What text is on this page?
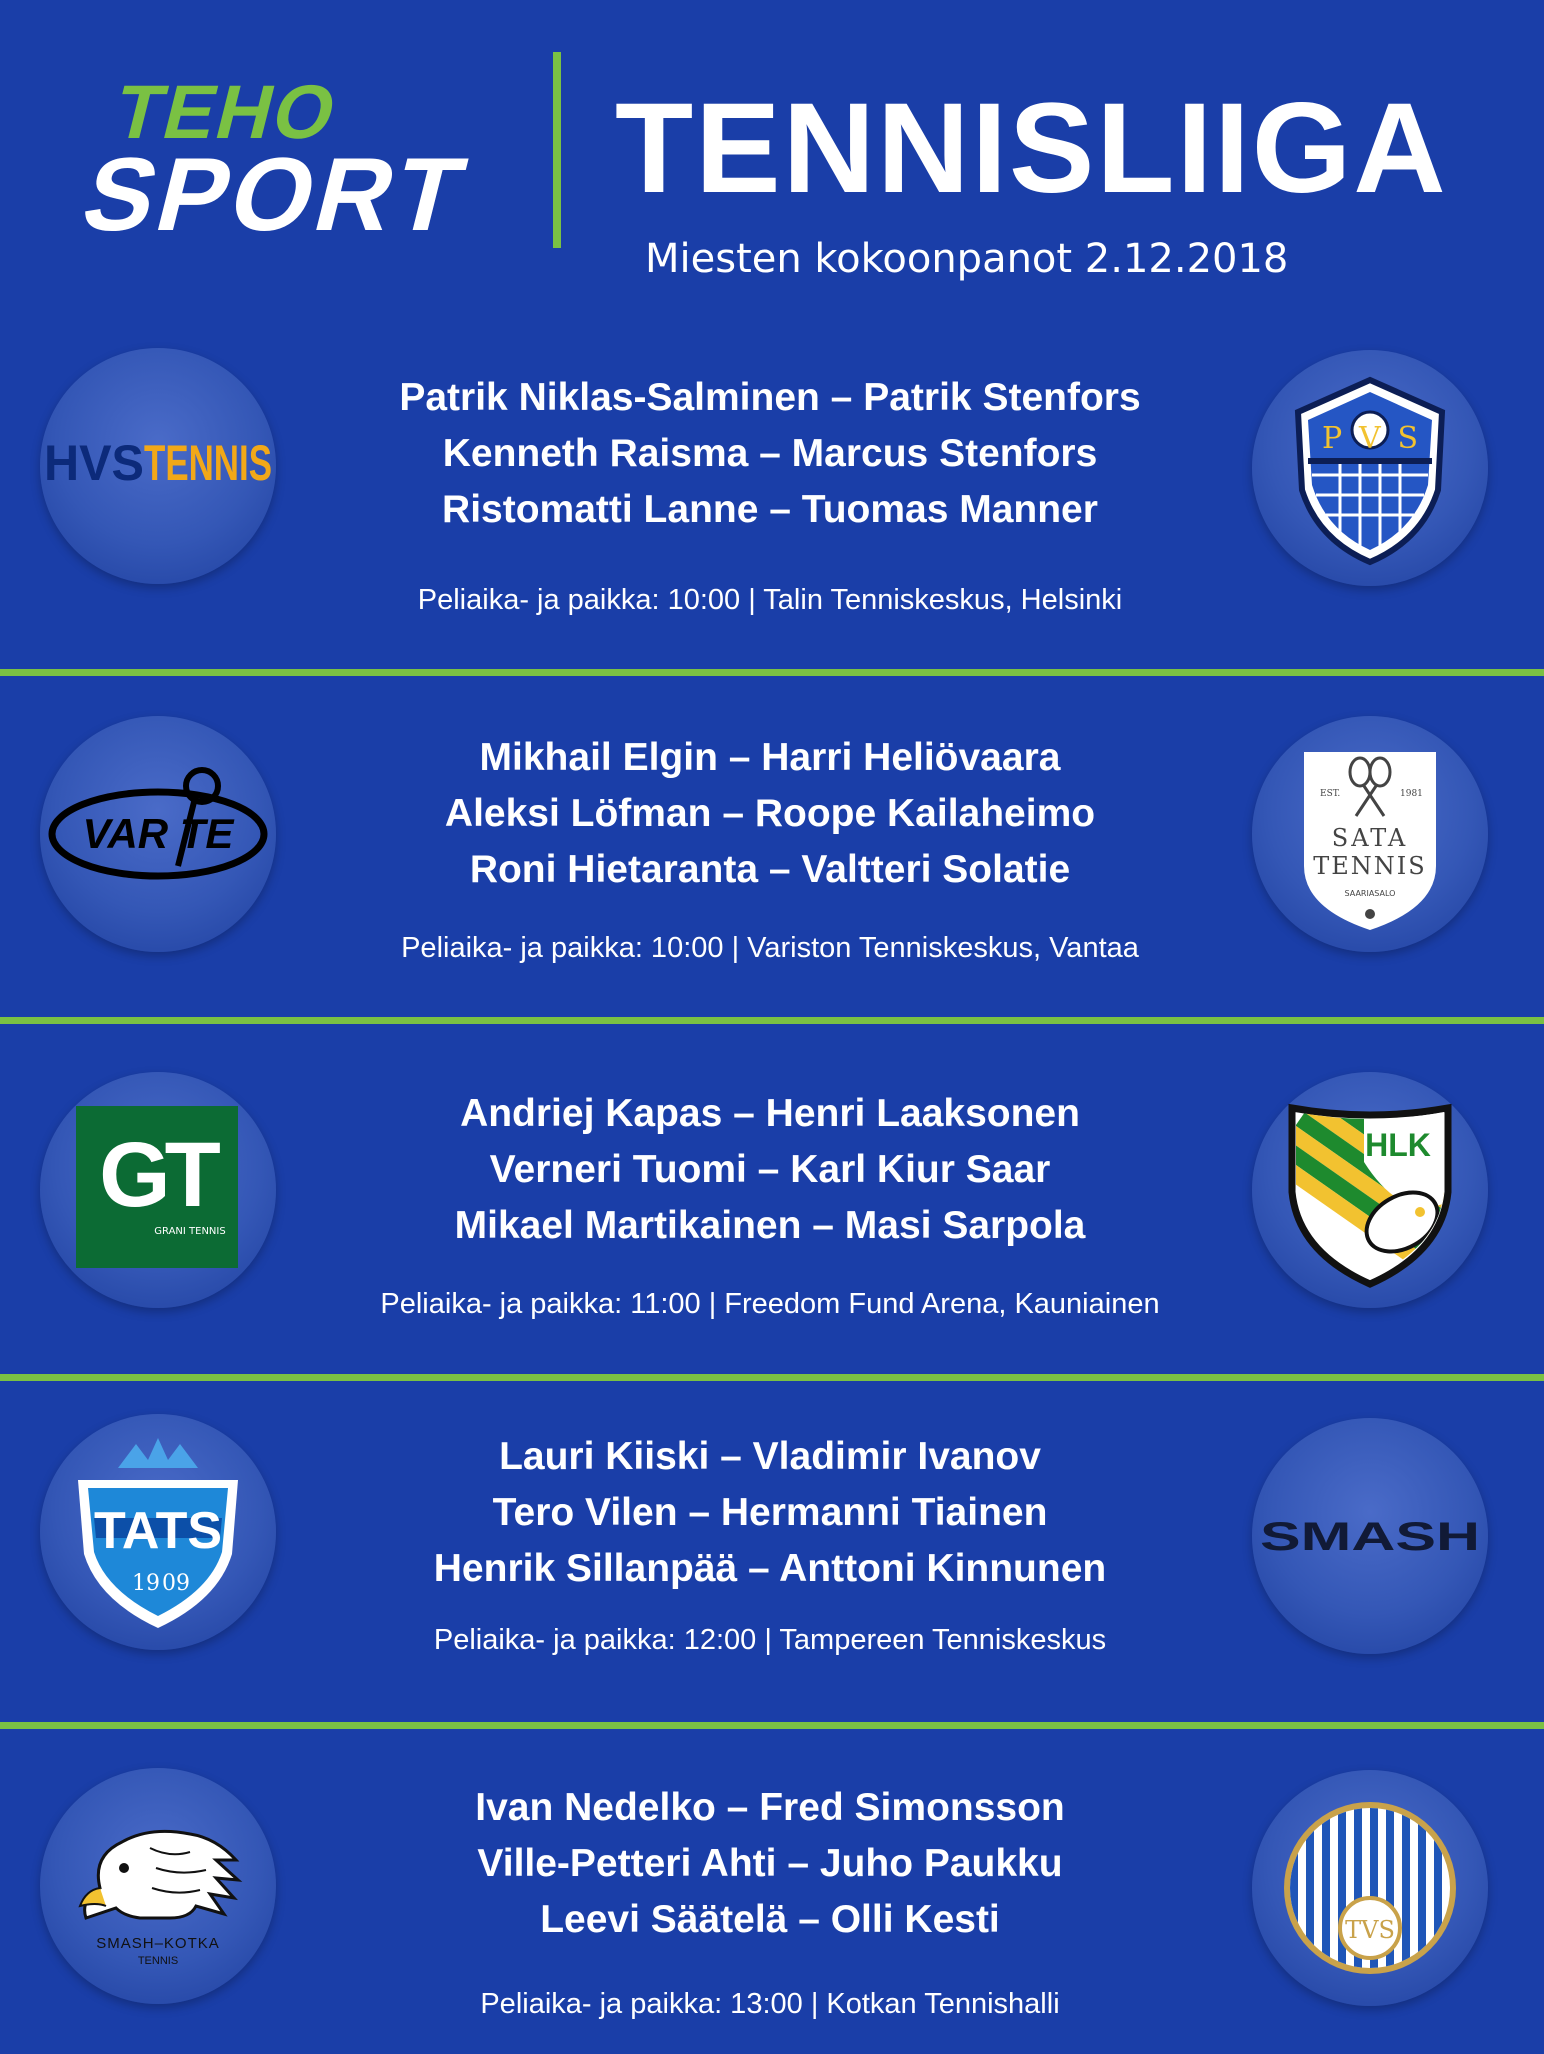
TEHO
SPORT TENNISLIIGA
Miesten kokoonpanot 2.12.2018
HVS TENNIS
Patrik Niklas-Salminen – Patrik Stenfors
Kenneth Raisma – Marcus Stenfors
Ristomatti Lanne – Tuomas Manner
Peliaika- ja paikka: 10:00 | Talin Tenniskeskus, Helsinki
PVS
VAR TE
Mikhail Elgin – Harri Heliövaara
Aleksi Löfman – Roope Kailaheimo
Roni Hietaranta – Valtteri Solatie
Peliaika- ja paikka: 10:00 | Variston Tenniskeskus, Vantaa
EST.	1981
SATA
TENNIS
SAARIASALO
GT
GRANI TENNIS
Andriej Kapas – Henri Laaksonen
Verneri Tuomi – Karl Kiur Saar
Mikael Martikainen – Masi Sarpola
Peliaika- ja paikka: 11:00 | Freedom Fund Arena, Kauniainen
HLK
TATS
19 09
Lauri Kiiski – Vladimir Ivanov
Tero Vilen – Hermanni Tiainen
Henrik Sillanpää – Anttoni Kinnunen
Peliaika- ja paikka: 12:00 | Tampereen Tenniskeskus
SMASH
SMASH–KOTKA
TENNIS
Ivan Nedelko – Fred Simonsson
Ville-Petteri Ahti – Juho Paukku
Leevi Säätelä – Olli Kesti
Peliaika- ja paikka: 13:00 | Kotkan Tennishalli
TVS
